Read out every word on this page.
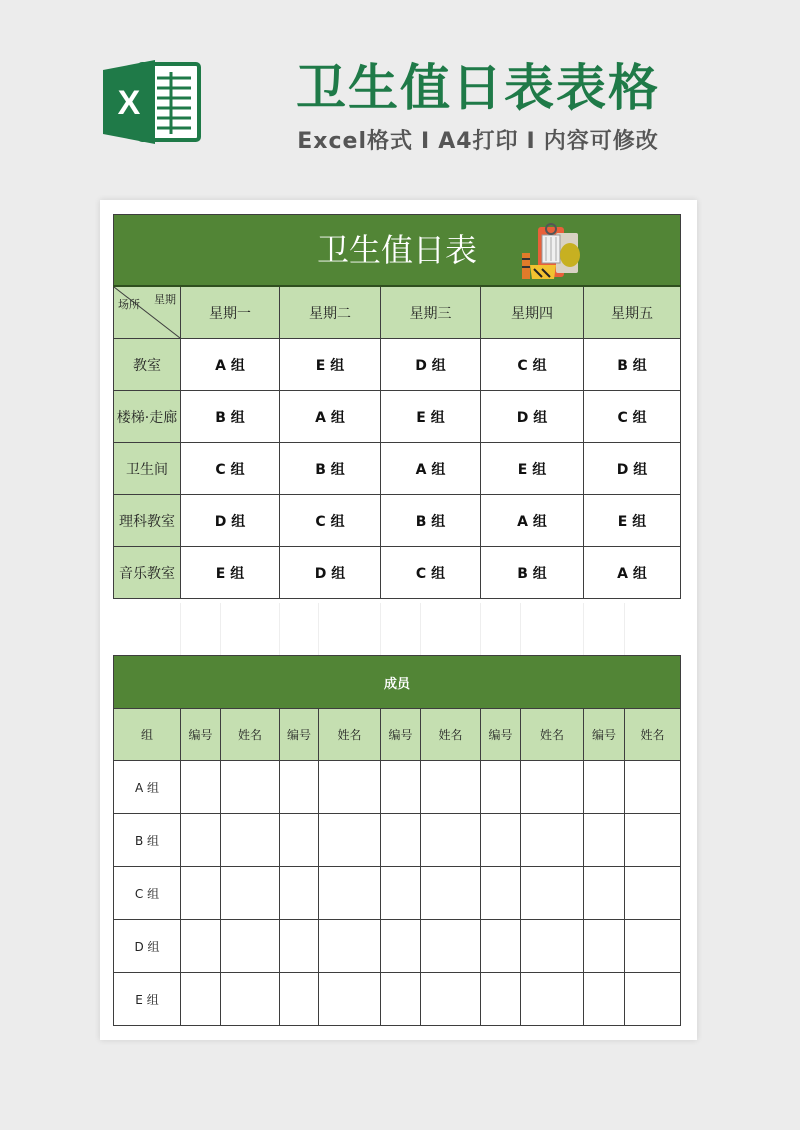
X	卫生值日表表格
Excel格式 I A4打印 I 内容可修改
卫生值日表					

星期
场所	星期一	星期二	星期三	星期四	星期五
教室	A 组	E 组	D 组	C 组	B 组
楼梯·走廊	B 组	A 组	E 组	D 组	C 组
卫生间	C 组	B 组	A 组	E 组	D 组
理科教室	D 组	C 组	B 组	A 组	E 组
音乐教室	E 组	D 组	C 组	B 组	A 组
成员										
组	编号	姓名	编号	姓名	编号	姓名	编号	姓名	编号	姓名
A 组										
B 组										
C 组										
D 组										
E 组										
